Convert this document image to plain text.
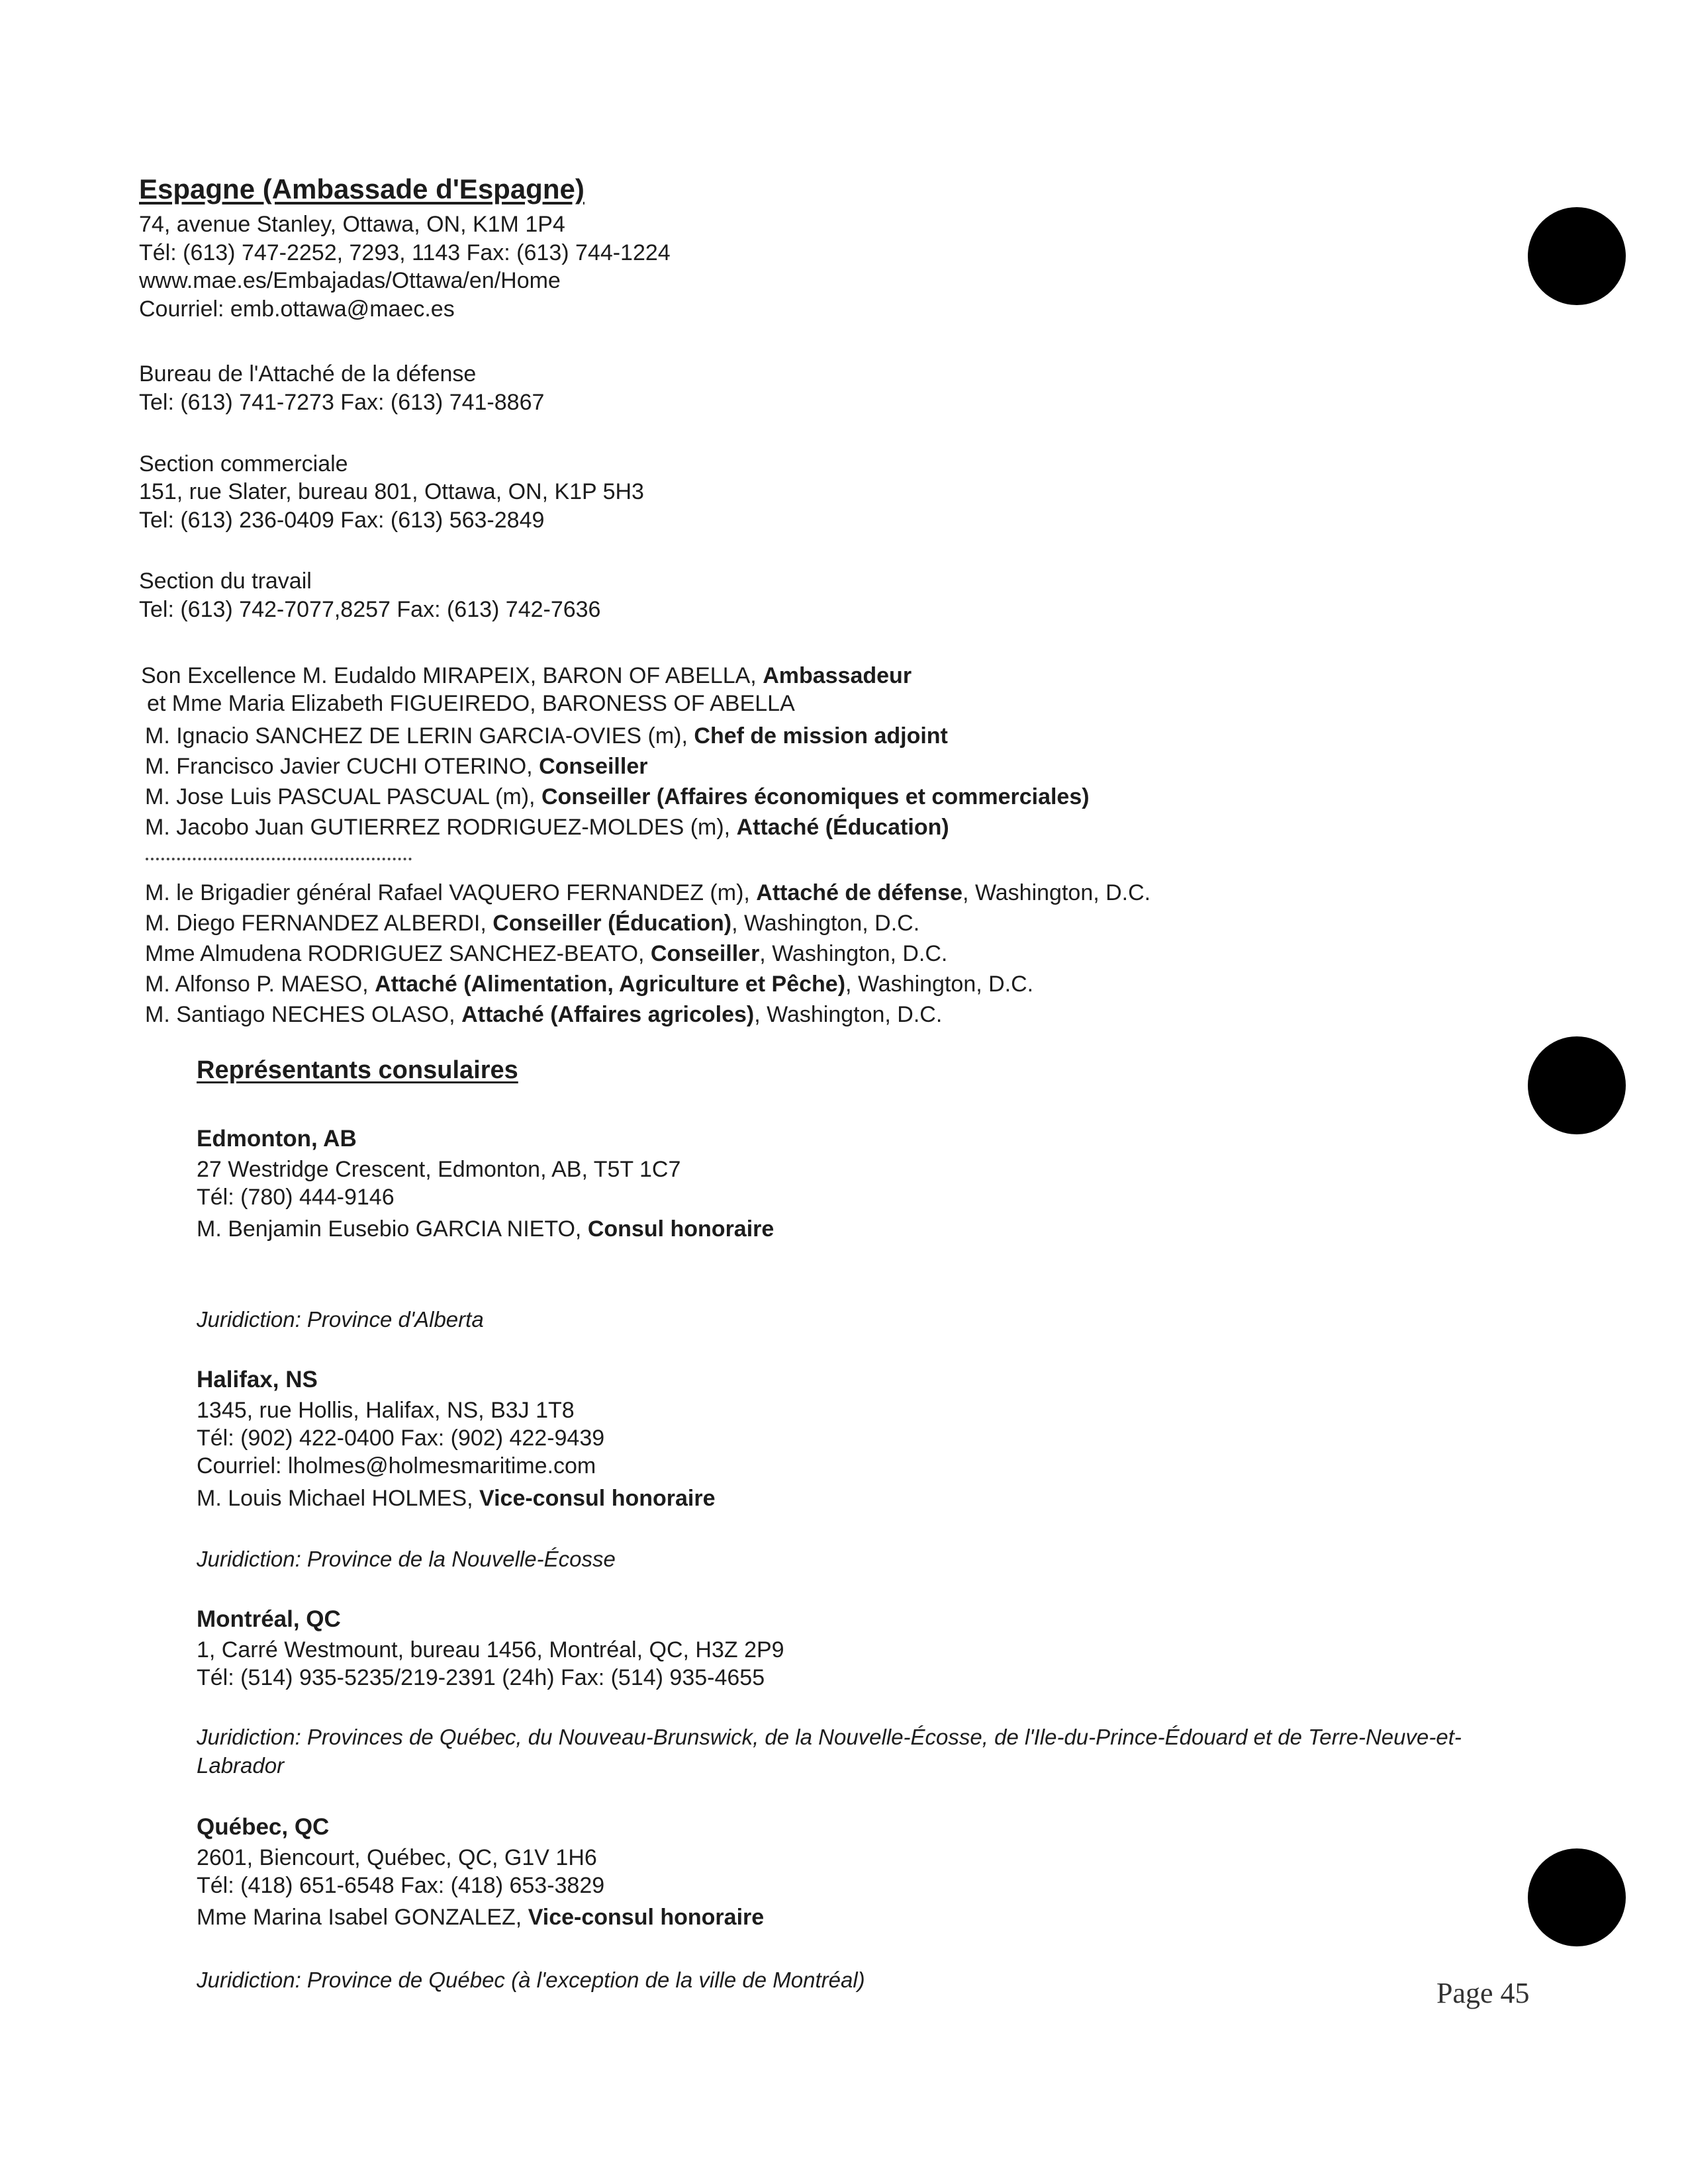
Espagne (Ambassade d'Espagne)
74, avenue Stanley, Ottawa, ON, K1M 1P4
Tél: (613) 747-2252, 7293, 1143 Fax: (613) 744-1224
www.mae.es/Embajadas/Ottawa/en/Home
Courriel: emb.ottawa@maec.es
Bureau de l'Attaché de la défense
Tel: (613) 741-7273 Fax: (613) 741-8867
Section commerciale
151, rue Slater, bureau 801, Ottawa, ON, K1P 5H3
Tel: (613) 236-0409 Fax: (613) 563-2849
Section du travail
Tel: (613) 742-7077,8257 Fax: (613) 742-7636
Son Excellence M. Eudaldo MIRAPEIX, BARON OF ABELLA, Ambassadeur
et Mme Maria Elizabeth FIGUEIREDO, BARONESS OF ABELLA
M. Ignacio SANCHEZ DE LERIN GARCIA-OVIES (m), Chef de mission adjoint
M. Francisco Javier CUCHI OTERINO, Conseiller
M. Jose Luis PASCUAL PASCUAL (m), Conseiller (Affaires économiques et commerciales)
M. Jacobo Juan GUTIERREZ RODRIGUEZ-MOLDES (m), Attaché (Éducation)
M. le Brigadier général Rafael VAQUERO FERNANDEZ (m), Attaché de défense, Washington, D.C.
M. Diego FERNANDEZ ALBERDI, Conseiller (Éducation), Washington, D.C.
Mme Almudena RODRIGUEZ SANCHEZ-BEATO, Conseiller, Washington, D.C.
M. Alfonso P. MAESO, Attaché (Alimentation, Agriculture et Pêche), Washington, D.C.
M. Santiago NECHES OLASO, Attaché (Affaires agricoles), Washington, D.C.
Représentants consulaires
Edmonton, AB
27 Westridge Crescent, Edmonton, AB, T5T 1C7
Tél: (780) 444-9146
M. Benjamin Eusebio GARCIA NIETO, Consul honoraire
Juridiction: Province d'Alberta
Halifax, NS
1345, rue Hollis, Halifax, NS, B3J 1T8
Tél: (902) 422-0400 Fax: (902) 422-9439
Courriel: lholmes@holmesmaritime.com
M. Louis Michael HOLMES, Vice-consul honoraire
Juridiction: Province de la Nouvelle-Écosse
Montréal, QC
1, Carré Westmount, bureau 1456, Montréal, QC, H3Z 2P9
Tél: (514) 935-5235/219-2391 (24h) Fax: (514) 935-4655
Juridiction: Provinces de Québec, du Nouveau-Brunswick, de la Nouvelle-Écosse, de l'Ile-du-Prince-Édouard et de Terre-Neuve-et-Labrador
Québec, QC
2601, Biencourt, Québec, QC, G1V 1H6
Tél: (418) 651-6548 Fax: (418) 653-3829
Mme Marina Isabel GONZALEZ, Vice-consul honoraire
Juridiction: Province de Québec (à l'exception de la ville de Montréal)	Page 45
